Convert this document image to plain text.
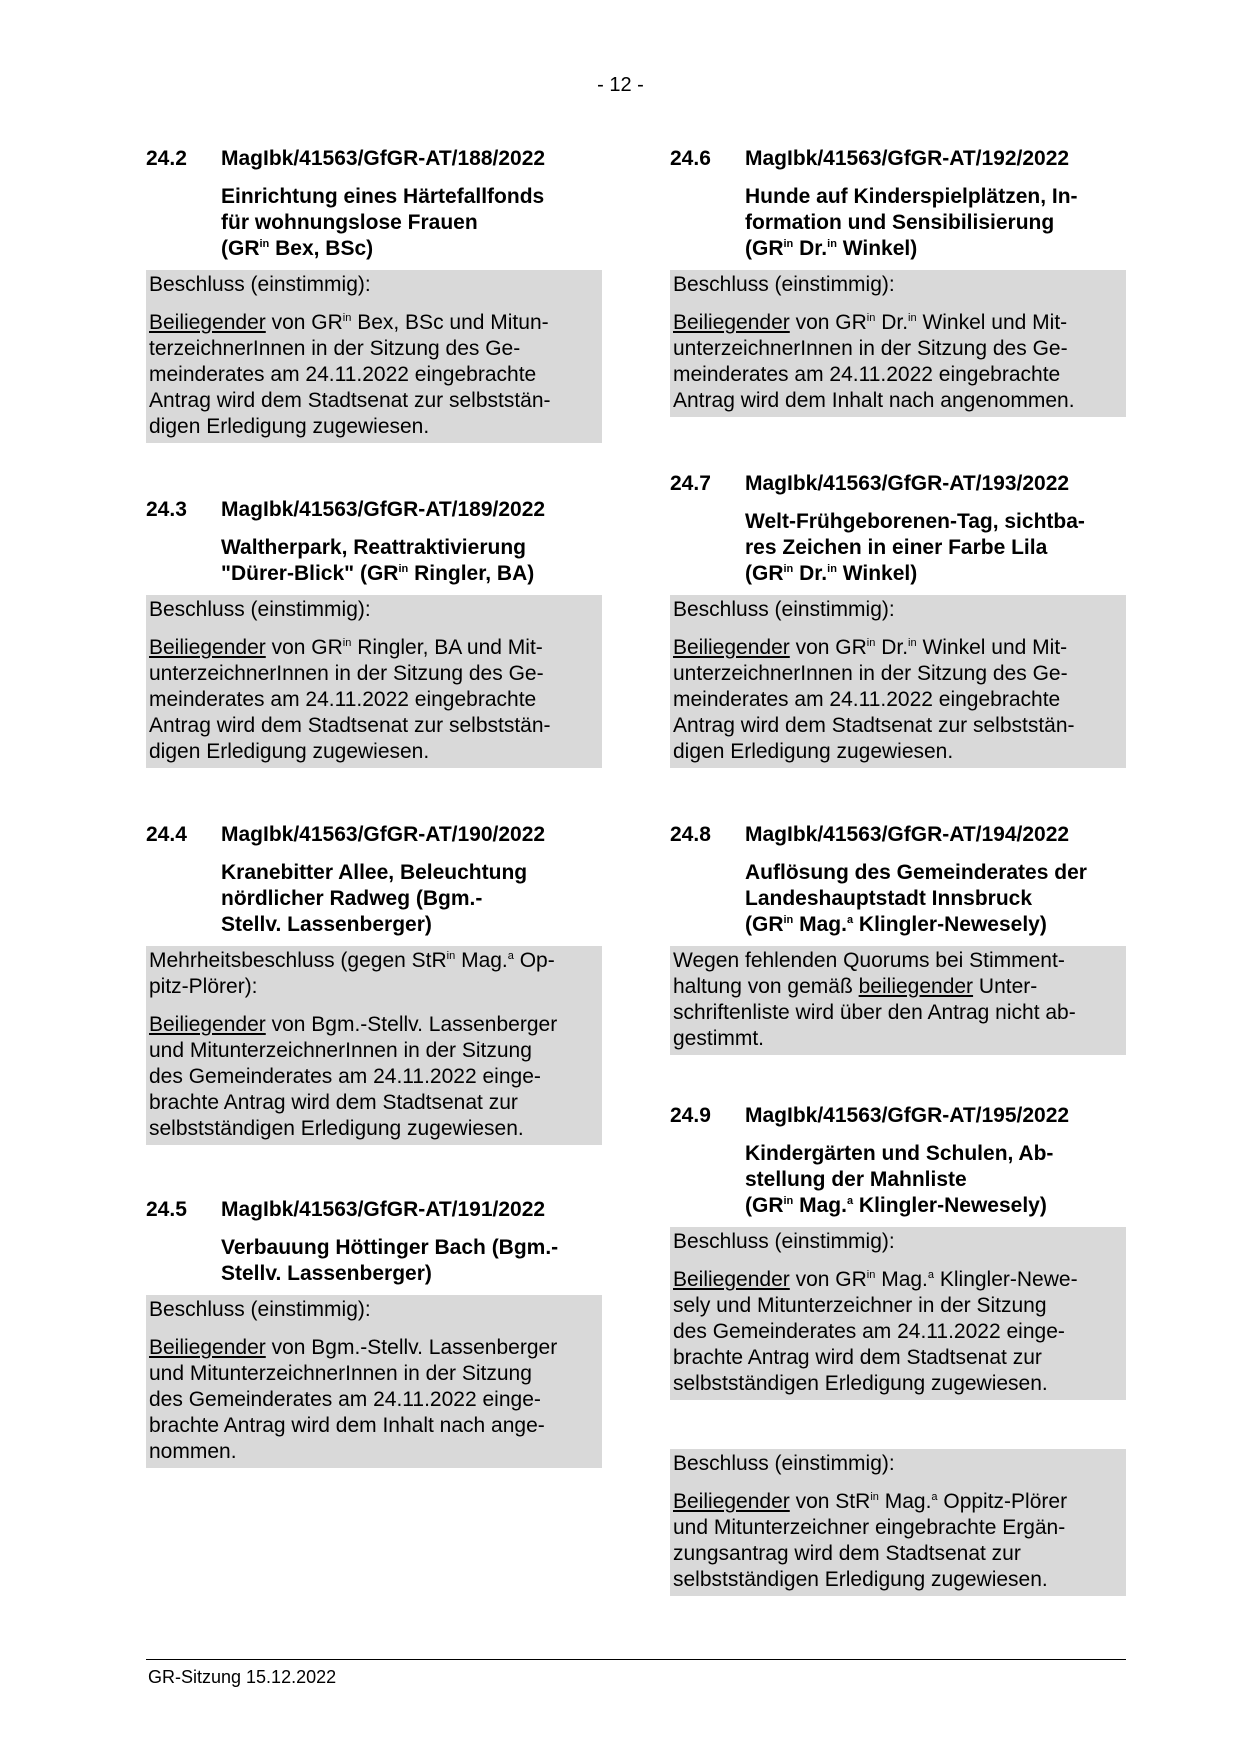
- 12 -
24.2	MagIbk/41563/GfGR-AT/188/2022
Einrichtung eines Härtefallfonds
für wohnungslose Frauen
($GR^{in}$ Bex, BSc)
Beschluss (einstimmig):
Beiliegender von $GR^{in}$ Bex, BSc und Mitun-
terzeichnerInnen in der Sitzung des Ge-
meinderates am 24.11.2022 eingebrachte
Antrag wird dem Stadtsenat zur selbststän-
digen Erledigung zugewiesen.
24.3	MagIbk/41563/GfGR-AT/189/2022
Waltherpark, Reattraktivierung
"Dürer-Blick" ($GR^{in}$ Ringler, BA)
Beschluss (einstimmig):
Beiliegender von $GR^{in}$ Ringler, BA und Mit-
unterzeichnerInnen in der Sitzung des Ge-
meinderates am 24.11.2022 eingebrachte
Antrag wird dem Stadtsenat zur selbststän-
digen Erledigung zugewiesen.
24.4	MagIbk/41563/GfGR-AT/190/2022
Kranebitter Allee, Beleuchtung
nördlicher Radweg (Bgm.-
Stellv. Lassenberger)
Mehrheitsbeschluss (gegen StR$^{in}$ Mag.$^a$ Op-
pitz-Plörer):
Beiliegender von Bgm.-Stellv. Lassenberger
und MitunterzeichnerInnen in der Sitzung
des Gemeinderates am 24.11.2022 einge-
brachte Antrag wird dem Stadtsenat zur
selbstständigen Erledigung zugewiesen.
24.5	MagIbk/41563/GfGR-AT/191/2022
Verbauung Höttinger Bach (Bgm.-
Stellv. Lassenberger)
Beschluss (einstimmig):
Beiliegender von Bgm.-Stellv. Lassenberger
und MitunterzeichnerInnen in der Sitzung
des Gemeinderates am 24.11.2022 einge-
brachte Antrag wird dem Inhalt nach ange-
nommen.
24.6	MagIbk/41563/GfGR-AT/192/2022
Hunde auf Kinderspielplätzen, In-
formation und Sensibilisierung
($GR^{in}$ Dr.$^{in}$ Winkel)
Beschluss (einstimmig):
Beiliegender von $GR^{in}$ Dr.$^{in}$ Winkel und Mit-
unterzeichnerInnen in der Sitzung des Ge-
meinderates am 24.11.2022 eingebrachte
Antrag wird dem Inhalt nach angenommen.
24.7	MagIbk/41563/GfGR-AT/193/2022
Welt-Frühgeborenen-Tag, sichtba-
res Zeichen in einer Farbe Lila
($GR^{in}$ Dr.$^{in}$ Winkel)
Beschluss (einstimmig):
Beiliegender von $GR^{in}$ Dr.$^{in}$ Winkel und Mit-
unterzeichnerInnen in der Sitzung des Ge-
meinderates am 24.11.2022 eingebrachte
Antrag wird dem Stadtsenat zur selbststän-
digen Erledigung zugewiesen.
24.8	MagIbk/41563/GfGR-AT/194/2022
Auflösung des Gemeinderates der
Landeshauptstadt Innsbruck
($GR^{in}$ Mag.$^a$ Klingler-Newesely)
Wegen fehlenden Quorums bei Stimment-
haltung von gemäß beiliegender Unter-
schriftenliste wird über den Antrag nicht ab-
gestimmt.
24.9	MagIbk/41563/GfGR-AT/195/2022
Kindergärten und Schulen, Ab-
stellung der Mahnliste
($GR^{in}$ Mag.$^a$ Klingler-Newesely)
Beschluss (einstimmig):
Beiliegender von $GR^{in}$ Mag.$^a$ Klingler-Newe-
sely und Mitunterzeichner in der Sitzung
des Gemeinderates am 24.11.2022 einge-
brachte Antrag wird dem Stadtsenat zur
selbstständigen Erledigung zugewiesen.
Beschluss (einstimmig):
Beiliegender von StR$^{in}$ Mag.$^a$ Oppitz-Plörer
und Mitunterzeichner eingebrachte Ergän-
zungsantrag wird dem Stadtsenat zur
selbstständigen Erledigung zugewiesen.
GR-Sitzung 15.12.2022
